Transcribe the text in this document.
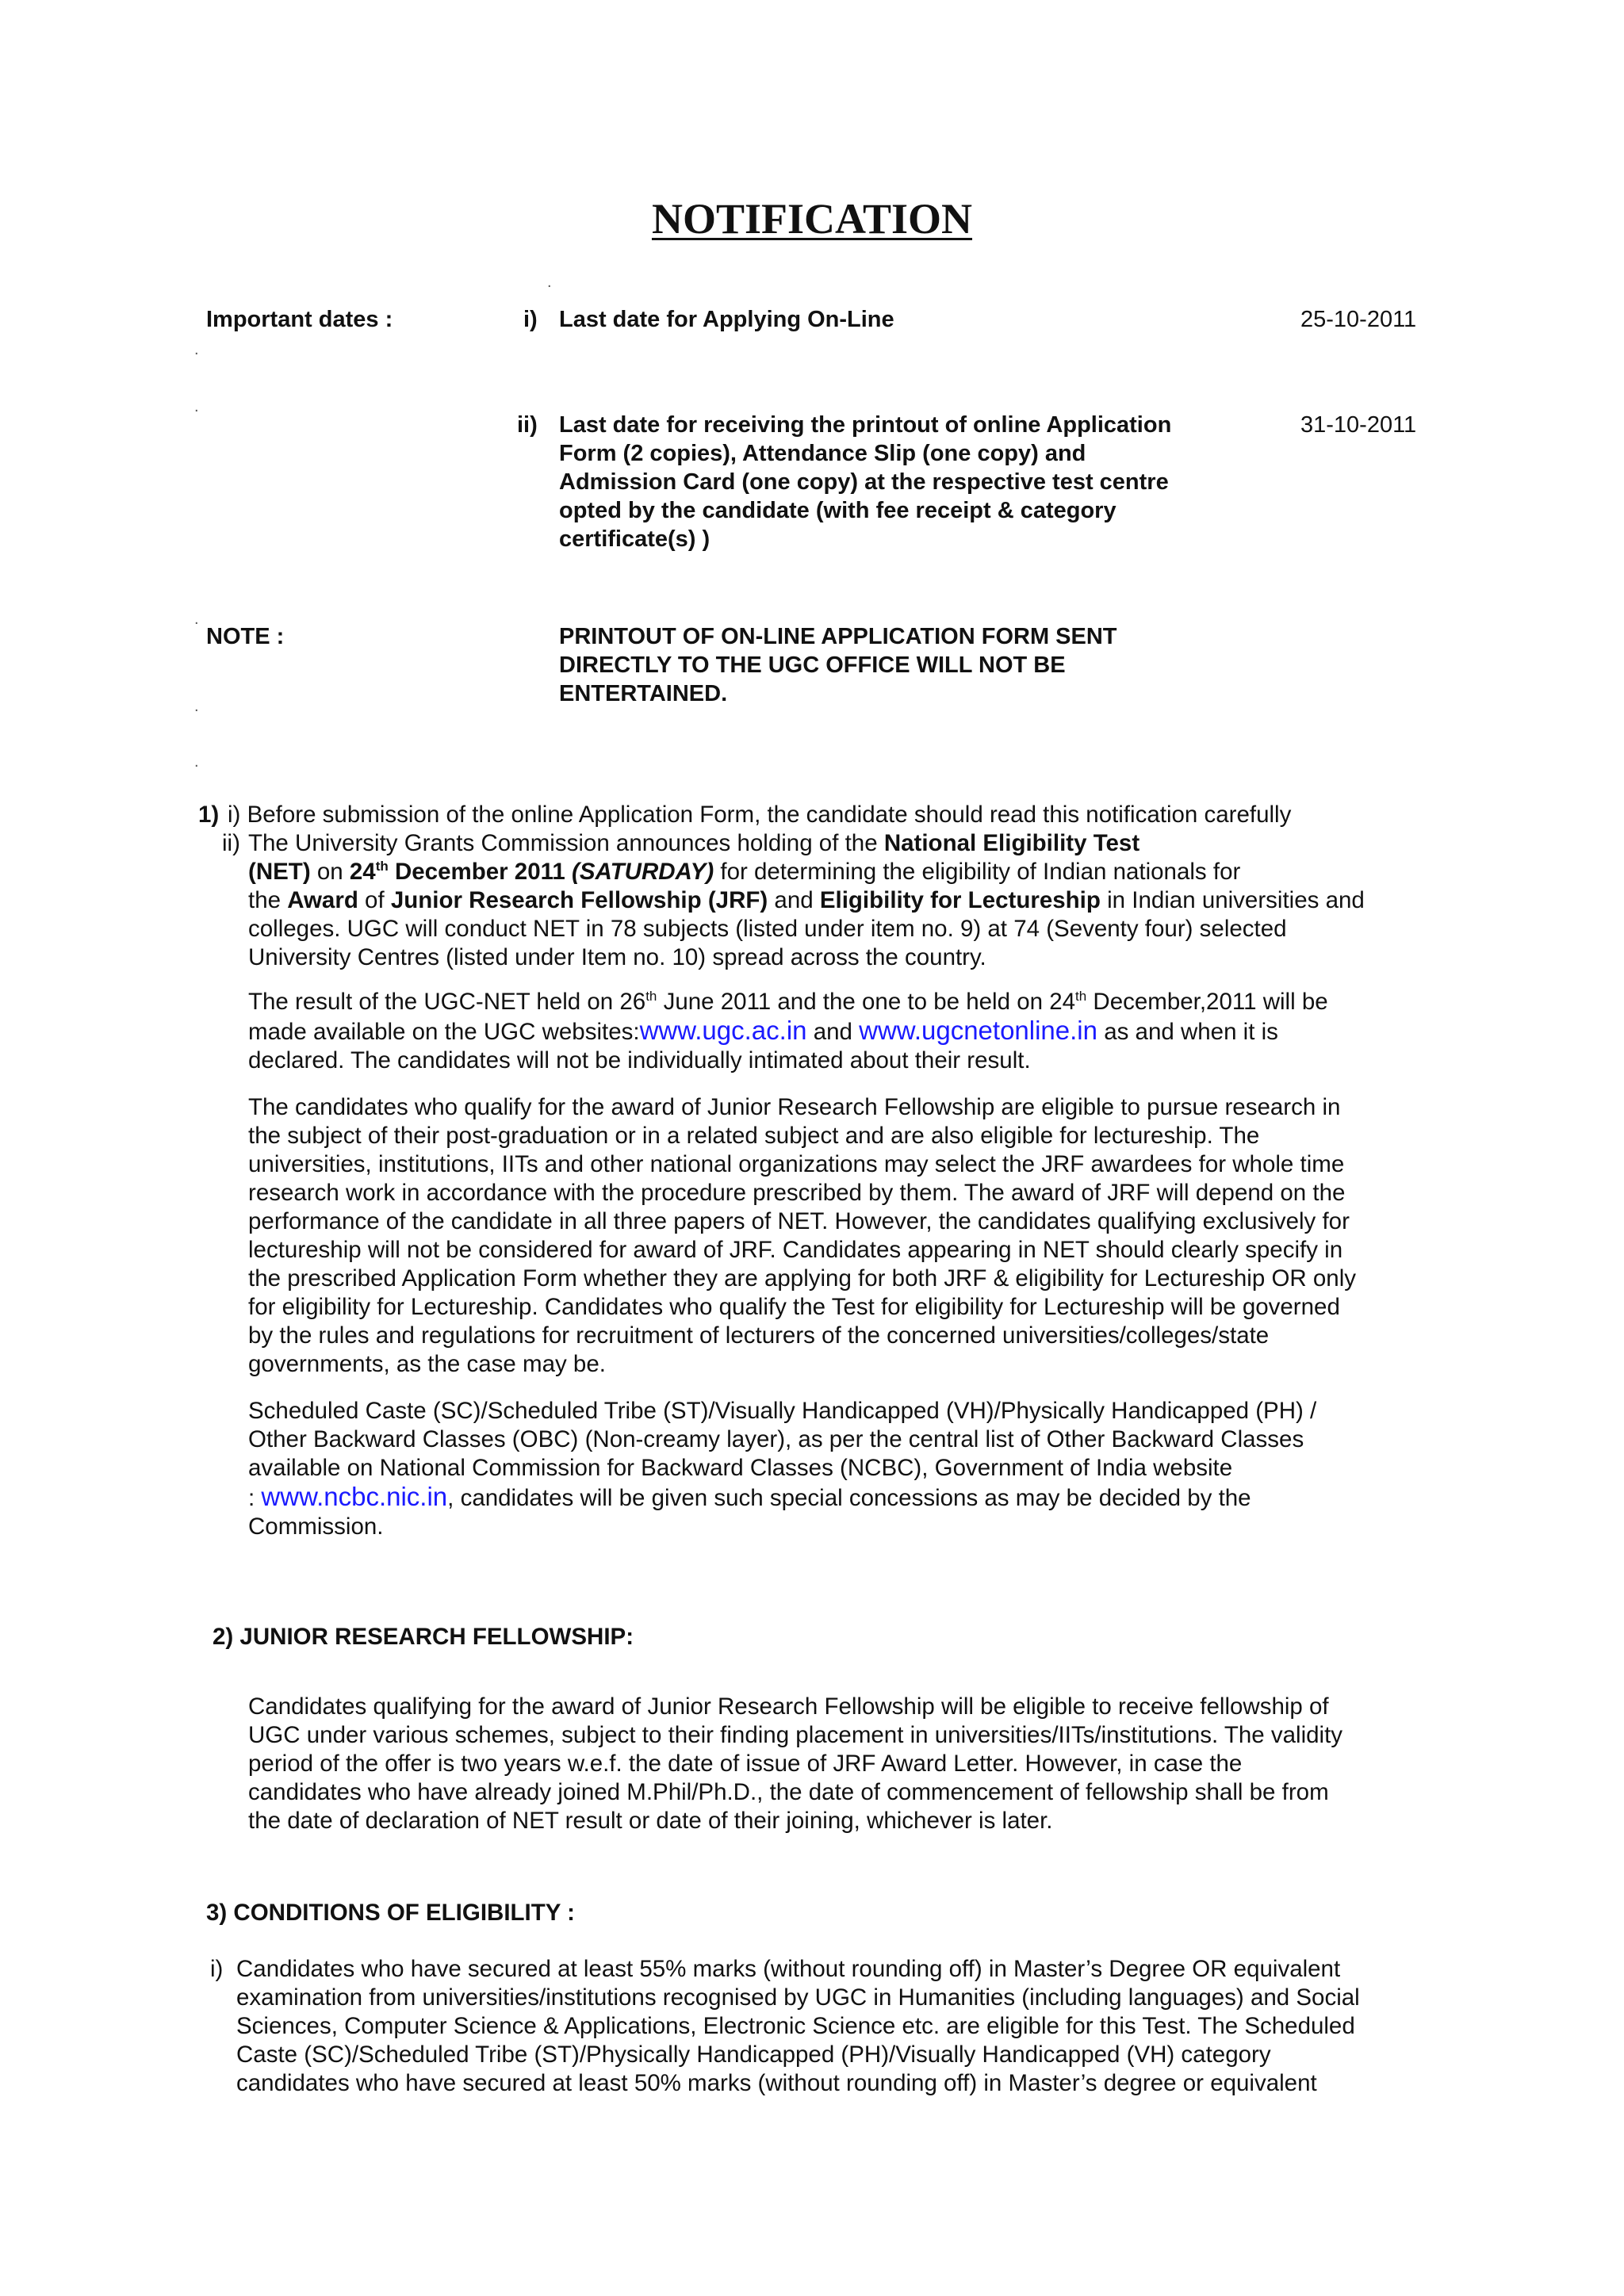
NOTIFICATION
.
Important dates :	i) Last date for Applying On-Line	25-10-2011
.
.
ii) Last date for receiving the printout of online Application
Form (2 copies), Attendance Slip (one copy) and
Admission Card (one copy) at the respective test centre
opted by the candidate (with fee receipt & category
certificate(s) )
31-10-2011
.
NOTE :	PRINTOUT OF ON-LINE APPLICATION FORM SENT
DIRECTLY TO THE UGC OFFICE WILL NOT BE
ENTERTAINED.
.
.
1) i) Before submission of the online Application Form, the candidate should read this notification carefully
ii) The University Grants Commission announces holding of the National Eligibility Test

(NET) on 24th December 2011 (SATURDAY) for determining the eligibility of Indian nationals for

the Award of Junior Research Fellowship (JRF) and Eligibility for Lectureship in Indian universities and

colleges. UGC will conduct NET in 78 subjects (listed under item no. 9) at 74 (Seventy four) selected

University Centres (listed under Item no. 10) spread across the country.

The result of the UGC-NET held on 26th June 2011 and the one to be held on 24th December,2011 will be

made available on the UGC websites:www.ugc.ac.in and www.ugcnetonline.in as and when it is

declared. The candidates will not be individually intimated about their result.

The candidates who qualify for the award of Junior Research Fellowship are eligible to pursue research in

the subject of their post-graduation or in a related subject and are also eligible for lectureship. The

universities, institutions, IITs and other national organizations may select the JRF awardees for whole time

research work in accordance with the procedure prescribed by them. The award of JRF will depend on the

performance of the candidate in all three papers of NET. However, the candidates qualifying exclusively for

lectureship will not be considered for award of JRF. Candidates appearing in NET should clearly specify in

the prescribed Application Form whether they are applying for both JRF & eligibility for Lectureship OR only

for eligibility for Lectureship. Candidates who qualify the Test for eligibility for Lectureship will be governed

by the rules and regulations for recruitment of lecturers of the concerned universities/colleges/state

governments, as the case may be.

Scheduled Caste (SC)/Scheduled Tribe (ST)/Visually Handicapped (VH)/Physically Handicapped (PH) /

Other Backward Classes (OBC) (Non-creamy layer), as per the central list of Other Backward Classes

available on National Commission for Backward Classes (NCBC), Government of India website

: www.ncbc.nic.in, candidates will be given such special concessions as may be decided by the

Commission.

2) JUNIOR RESEARCH FELLOWSHIP:

Candidates qualifying for the award of Junior Research Fellowship will be eligible to receive fellowship of

UGC under various schemes, subject to their finding placement in universities/IITs/institutions. The validity

period of the offer is two years w.e.f. the date of issue of JRF Award Letter. However, in case the

candidates who have already joined M.Phil/Ph.D., the date of commencement of fellowship shall be from

the date of declaration of NET result or date of their joining, whichever is later.

3) CONDITIONS OF ELIGIBILITY :
i) Candidates who have secured at least 55% marks (without rounding off) in Master’s Degree OR equivalent

examination from universities/institutions recognised by UGC in Humanities (including languages) and Social

Sciences, Computer Science & Applications, Electronic Science etc. are eligible for this Test. The Scheduled

Caste (SC)/Scheduled Tribe (ST)/Physically Handicapped (PH)/Visually Handicapped (VH) category

candidates who have secured at least 50% marks (without rounding off) in Master’s degree or equivalent
